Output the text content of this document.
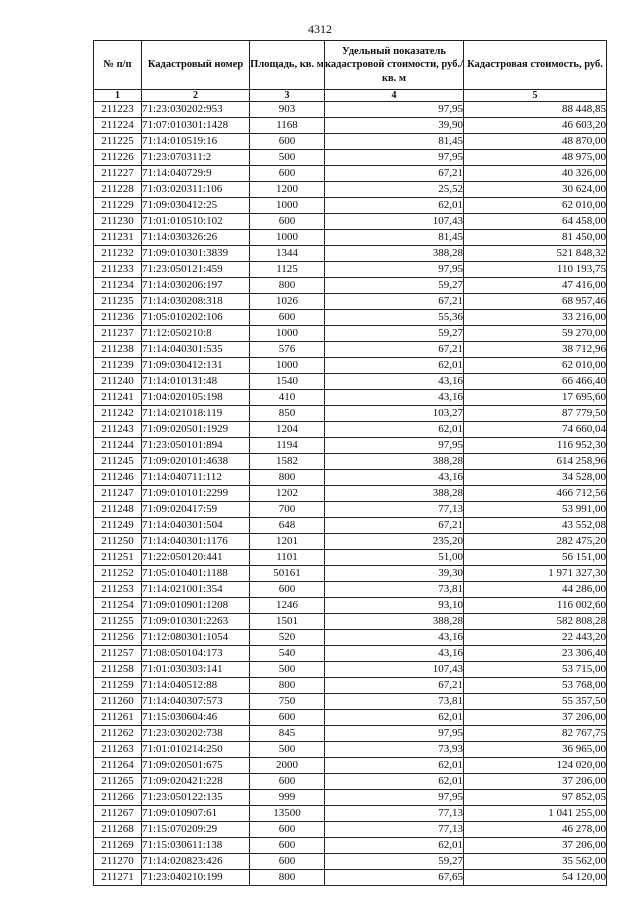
4312
№ п/п	Кадастровый номер	Площадь, кв. м	Удельный показатель кадастровой стоимости, руб./кв. м	Кадастровая стоимость, руб.
1	2	3	4	5
211223	71:23:030202:953	903	97,95	88 448,85
211224	71:07:010301:1428	1168	39,90	46 603,20
211225	71:14:010519:16	600	81,45	48 870,00
211226	71:23:070311:2	500	97,95	48 975,00
211227	71:14:040729:9	600	67,21	40 326,00
211228	71:03:020311:106	1200	25,52	30 624,00
211229	71:09:030412:25	1000	62,01	62 010,00
211230	71:01:010510:102	600	107,43	64 458,00
211231	71:14:030326:26	1000	81,45	81 450,00
211232	71:09:010301:3839	1344	388,28	521 848,32
211233	71:23:050121:459	1125	97,95	110 193,75
211234	71:14:030206:197	800	59,27	47 416,00
211235	71:14:030208:318	1026	67,21	68 957,46
211236	71:05:010202:106	600	55,36	33 216,00
211237	71:12:050210:8	1000	59,27	59 270,00
211238	71:14:040301:535	576	67,21	38 712,96
211239	71:09:030412:131	1000	62,01	62 010,00
211240	71:14:010131:48	1540	43,16	66 466,40
211241	71:04:020105:198	410	43,16	17 695,60
211242	71:14:021018:119	850	103,27	87 779,50
211243	71:09:020501:1929	1204	62,01	74 660,04
211244	71:23:050101:894	1194	97,95	116 952,30
211245	71:09:020101:4638	1582	388,28	614 258,96
211246	71:14:040711:112	800	43,16	34 528,00
211247	71:09:010101:2299	1202	388,28	466 712,56
211248	71:09:020417:59	700	77,13	53 991,00
211249	71:14:040301:504	648	67,21	43 552,08
211250	71:14:040301:1176	1201	235,20	282 475,20
211251	71:22:050120:441	1101	51,00	56 151,00
211252	71:05:010401:1188	50161	39,30	1 971 327,30
211253	71:14:021001:354	600	73,81	44 286,00
211254	71:09:010901:1208	1246	93,10	116 002,60
211255	71:09:010301:2263	1501	388,28	582 808,28
211256	71:12:080301:1054	520	43,16	22 443,20
211257	71:08:050104:173	540	43,16	23 306,40
211258	71:01:030303:141	500	107,43	53 715,00
211259	71:14:040512:88	800	67,21	53 768,00
211260	71:14:040307:573	750	73,81	55 357,50
211261	71:15:030604:46	600	62,01	37 206,00
211262	71:23:030202:738	845	97,95	82 767,75
211263	71:01:010214:250	500	73,93	36 965,00
211264	71:09:020501:675	2000	62,01	124 020,00
211265	71:09:020421:228	600	62,01	37 206,00
211266	71:23:050122:135	999	97,95	97 852,05
211267	71:09:010907:61	13500	77,13	1 041 255,00
211268	71:15:070209:29	600	77,13	46 278,00
211269	71:15:030611:138	600	62,01	37 206,00
211270	71:14:020823:426	600	59,27	35 562,00
211271	71:23:040210:199	800	67,65	54 120,00
